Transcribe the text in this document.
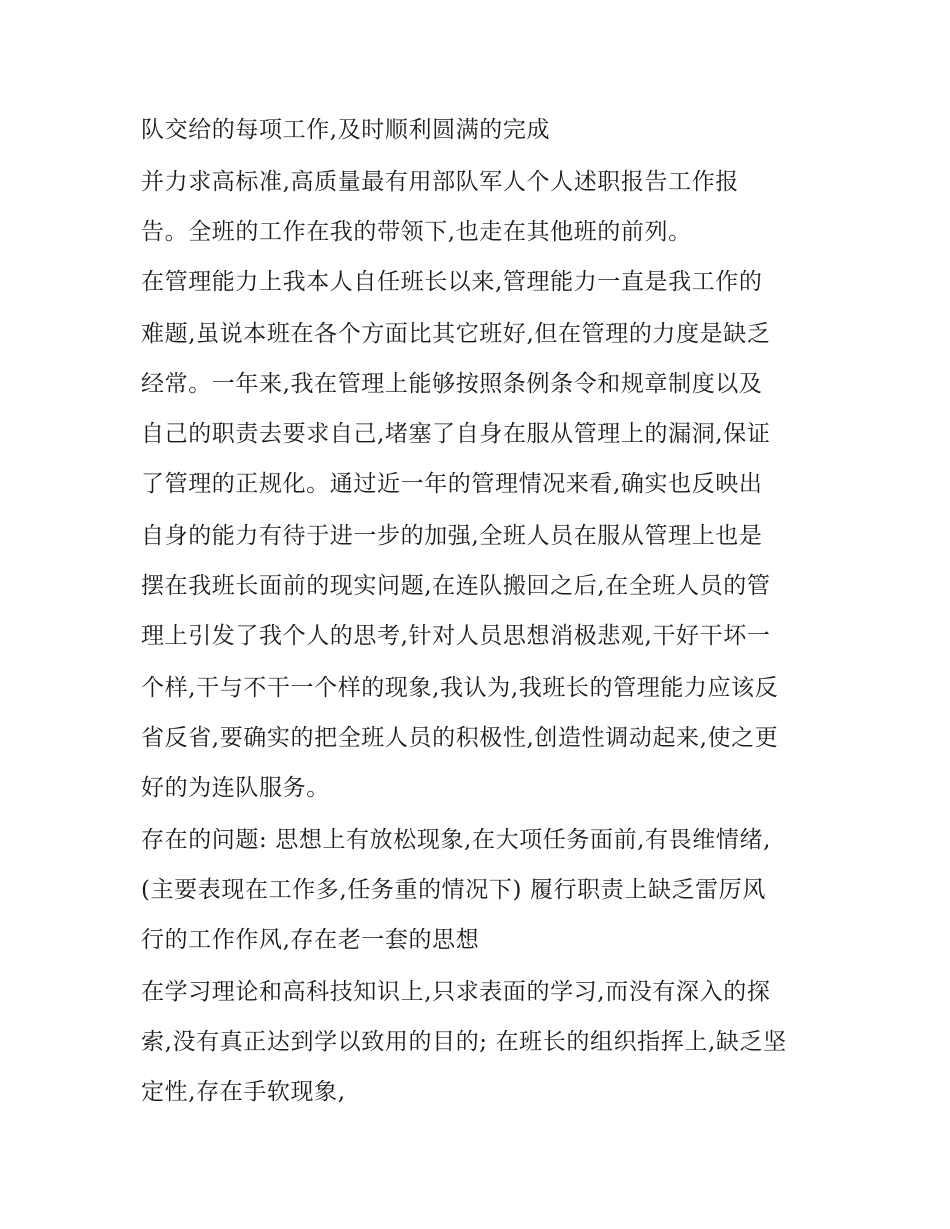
队交给的每项工作,及时顺利圆满的完成
并力求高标准,高质量最有用部队军人个人述职报告工作报
告。全班的工作在我的带领下,也走在其他班的前列。
在管理能力上我本人自任班长以来,管理能力一直是我工作的
难题,虽说本班在各个方面比其它班好,但在管理的力度是缺乏
经常。一年来,我在管理上能够按照条例条令和规章制度以及
自己的职责去要求自己,堵塞了自身在服从管理上的漏洞,保证
了管理的正规化。通过近一年的管理情况来看,确实也反映出
自身的能力有待于进一步的加强,全班人员在服从管理上也是
摆在我班长面前的现实问题,在连队搬回之后,在全班人员的管
理上引发了我个人的思考,针对人员思想消极悲观,干好干坏一
个样,干与不干一个样的现象,我认为,我班长的管理能力应该反
省反省,要确实的把全班人员的积极性,创造性调动起来,使之更
好的为连队服务。
存在的问题: 思想上有放松现象,在大项任务面前,有畏维情绪,
(主要表现在工作多,任务重的情况下) 履行职责上缺乏雷厉风
行的工作作风,存在老一套的思想
在学习理论和高科技知识上,只求表面的学习,而没有深入的探
索,没有真正达到学以致用的目的; 在班长的组织指挥上,缺乏坚
定性,存在手软现象,
